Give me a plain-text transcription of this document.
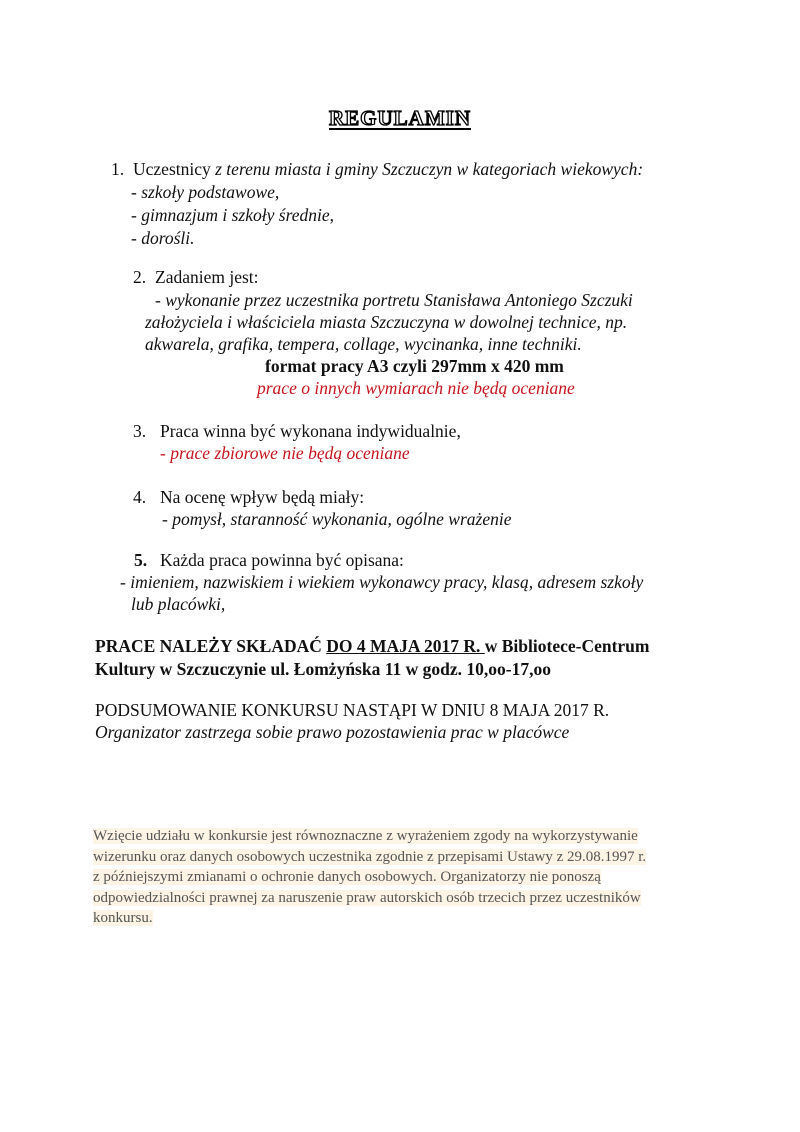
REGULAMIN
1. Uczestnicy z terenu miasta i gminy Szczuczyn w kategoriach wiekowych:
- szkoły podstawowe,
- gimnazjum i szkoły średnie,
- dorośli.
2. Zadaniem jest:
- wykonanie przez uczestnika portretu Stanisława Antoniego Szczuki
założyciela i właściciela miasta Szczuczyna w dowolnej technice, np.
akwarela, grafika, tempera, collage, wycinanka, inne techniki.
format pracy A3 czyli 297mm x 420 mm
prace o innych wymiarach nie będą oceniane
3. Praca winna być wykonana indywidualnie,
- prace zbiorowe nie będą oceniane
4. Na ocenę wpływ będą miały:
- pomysł, staranność wykonania, ogólne wrażenie
5. Każda praca powinna być opisana:
- imieniem, nazwiskiem i wiekiem wykonawcy pracy, klasą, adresem szkoły
lub placówki,
PRACE NALEŻY SKŁADAĆ DO 4 MAJA 2017 R. w Bibliotece-Centrum
Kultury w Szczuczynie ul. Łomżyńska 11 w godz. 10,oo-17,oo
PODSUMOWANIE KONKURSU NASTĄPI W DNIU 8 MAJA 2017 R.
Organizator zastrzega sobie prawo pozostawienia prac w placówce
Wzięcie udziału w konkursie jest równoznaczne z wyrażeniem zgody na wykorzystywanie
wizerunku oraz danych osobowych uczestnika zgodnie z przepisami Ustawy z 29.08.1997 r.
z późniejszymi zmianami o ochronie danych osobowych. Organizatorzy nie ponoszą
odpowiedzialności prawnej za naruszenie praw autorskich osób trzecich przez uczestników
konkursu.
